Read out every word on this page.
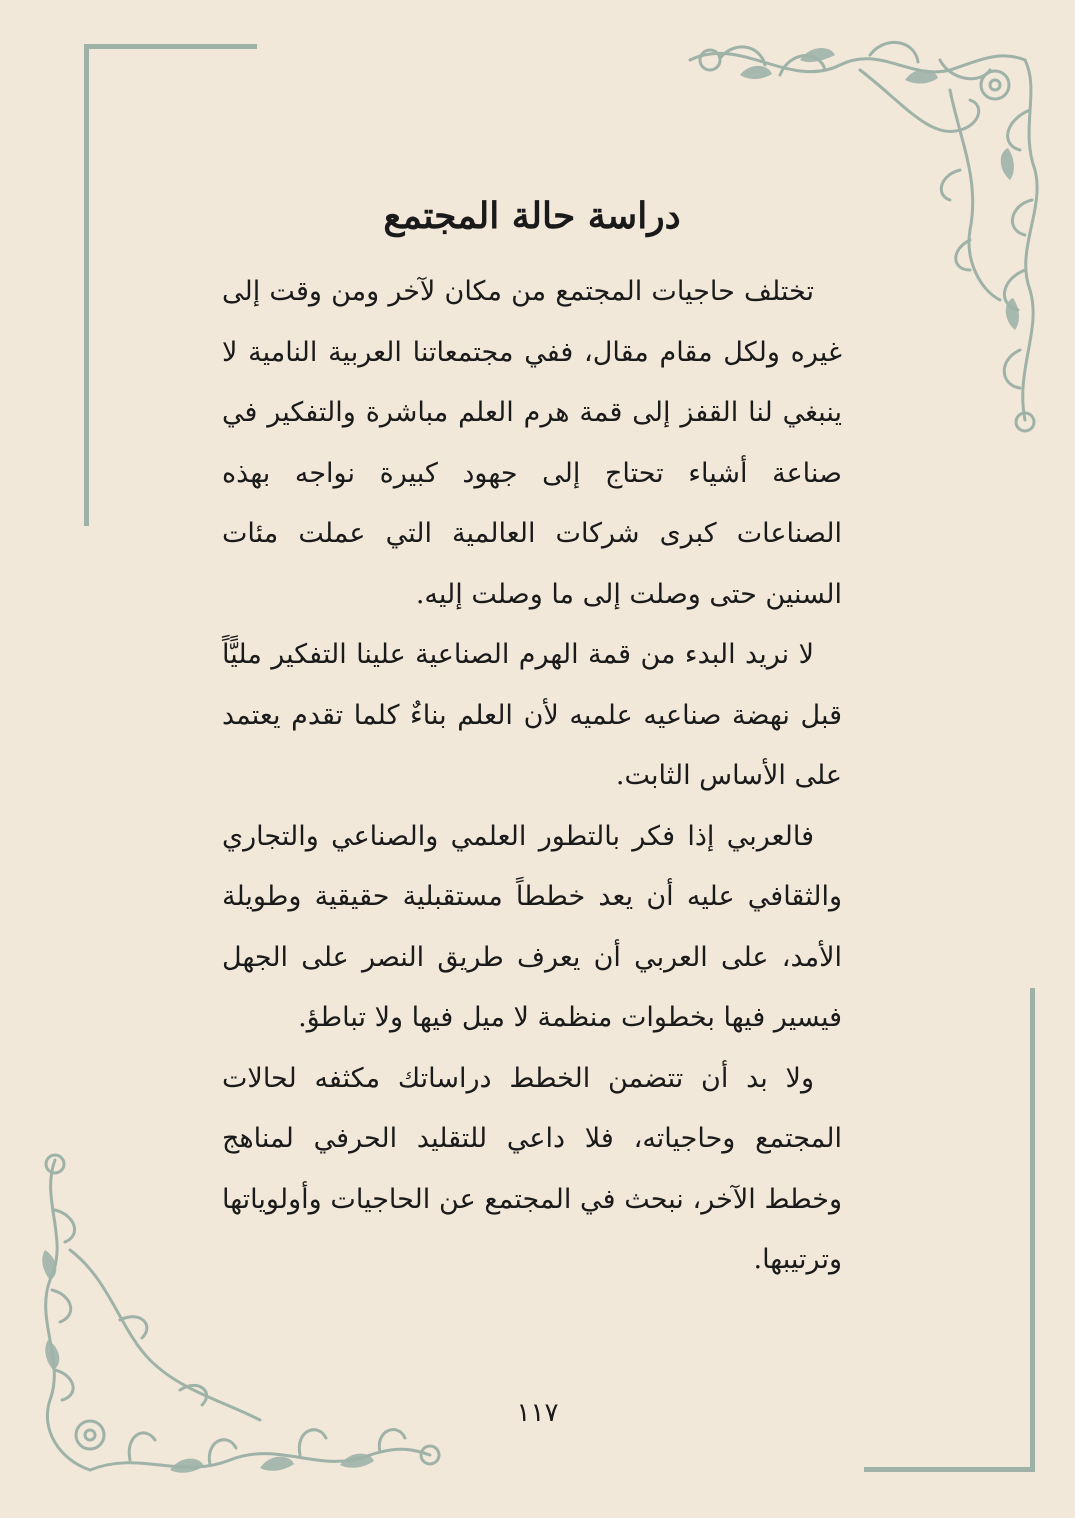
دراسة حالة المجتمع

تختلف حاجيات المجتمع من مكان لآخر ومن وقت إلى غيره ولكل مقام مقال، ففي مجتمعاتنا العربية النامية لا ينبغي لنا القفز إلى قمة هرم العلم مباشرة والتفكير في صناعة أشياء تحتاج إلى جهود كبيرة نواجه بهذه الصناعات كبرى شركات العالمية التي عملت مئات السنين حتى وصلت إلى ما وصلت إليه.

لا نريد البدء من قمة الهرم الصناعية علينا التفكير مليًّاً قبل نهضة صناعيه علميه لأن العلم بناءٌ كلما تقدم يعتمد على الأساس الثابت.

فالعربي إذا فكر بالتطور العلمي والصناعي والتجاري والثقافي عليه أن يعد خططاً مستقبلية حقيقية وطويلة الأمد، على العربي أن يعرف طريق النصر على الجهل فيسير فيها بخطوات منظمة لا ميل فيها ولا تباطؤ.

ولا بد أن تتضمن الخطط دراساتك مكثفه لحالات المجتمع وحاجياته، فلا داعي للتقليد الحرفي لمناهج وخطط الآخر، نبحث في المجتمع عن الحاجيات وأولوياتها وترتيبها.

١١٧
